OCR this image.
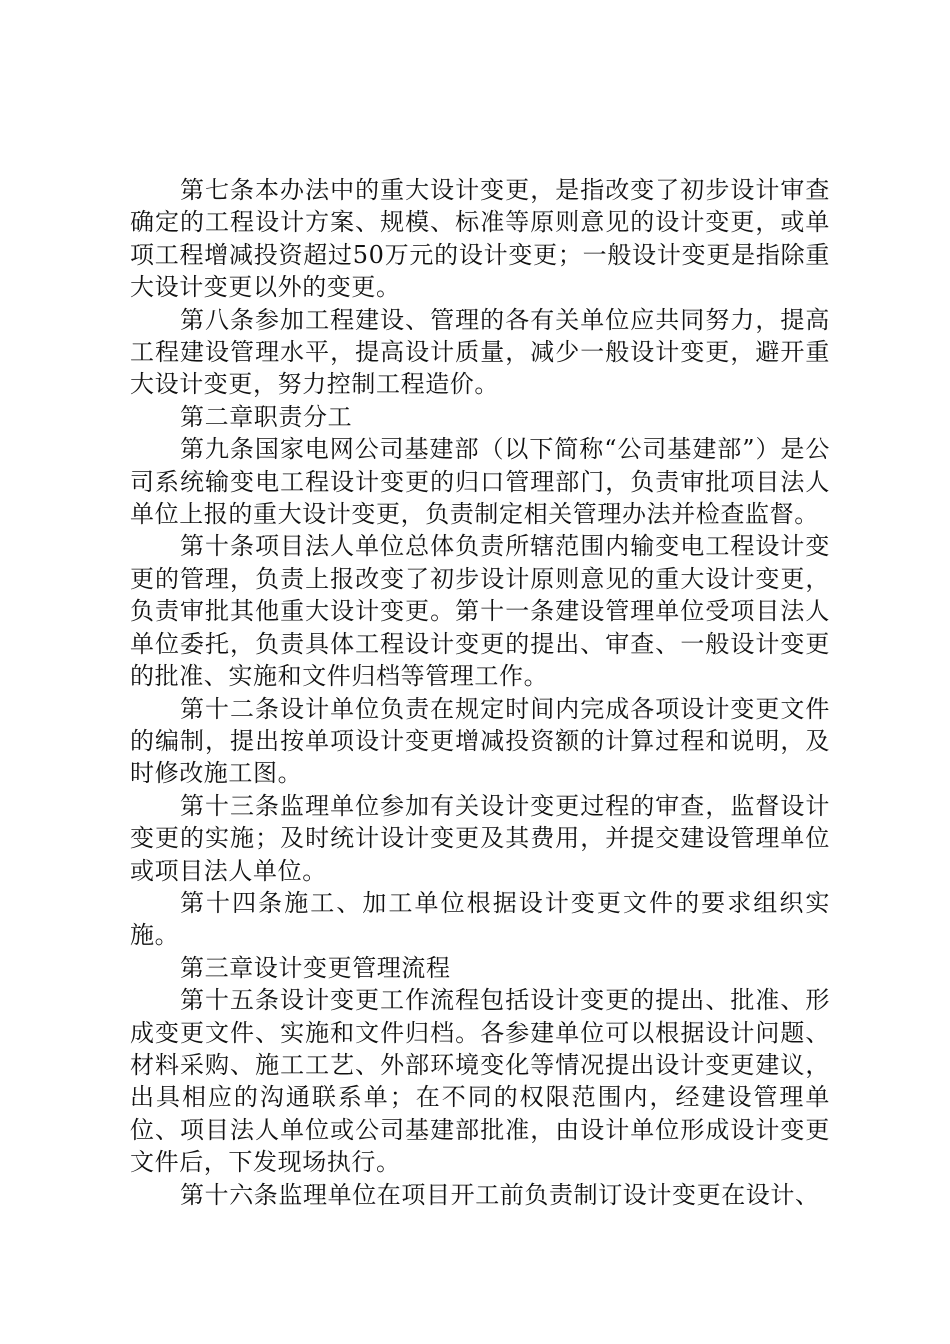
第七条本办法中的重大设计变更，是指改变了初步设计审查确定的工程设计方案、规模、标准等原则意见的设计变更，或单项工程增减投资超过50万元的设计变更；一般设计变更是指除重大设计变更以外的变更。

第八条参加工程建设、管理的各有关单位应共同努力，提高工程建设管理水平，提高设计质量，减少一般设计变更，避开重大设计变更，努力控制工程造价。

第二章职责分工

第九条国家电网公司基建部（以下简称“公司基建部”）是公司系统输变电工程设计变更的归口管理部门，负责审批项目法人单位上报的重大设计变更，负责制定相关管理办法并检查监督。

第十条项目法人单位总体负责所辖范围内输变电工程设计变更的管理，负责上报改变了初步设计原则意见的重大设计变更，负责审批其他重大设计变更。第十一条建设管理单位受项目法人单位委托，负责具体工程设计变更的提出、审查、一般设计变更的批准、实施和文件归档等管理工作。

第十二条设计单位负责在规定时间内完成各项设计变更文件的编制，提出按单项设计变更增减投资额的计算过程和说明，及时修改施工图。

第十三条监理单位参加有关设计变更过程的审查，监督设计变更的实施；及时统计设计变更及其费用，并提交建设管理单位或项目法人单位。

第十四条施工、加工单位根据设计变更文件的要求组织实施。

第三章设计变更管理流程

第十五条设计变更工作流程包括设计变更的提出、批准、形成变更文件、实施和文件归档。各参建单位可以根据设计问题、材料采购、施工工艺、外部环境变化等情况提出设计变更建议，出具相应的沟通联系单；在不同的权限范围内，经建设管理单位、项目法人单位或公司基建部批准，由设计单位形成设计变更文件后，下发现场执行。

第十六条监理单位在项目开工前负责制订设计变更在设计、
